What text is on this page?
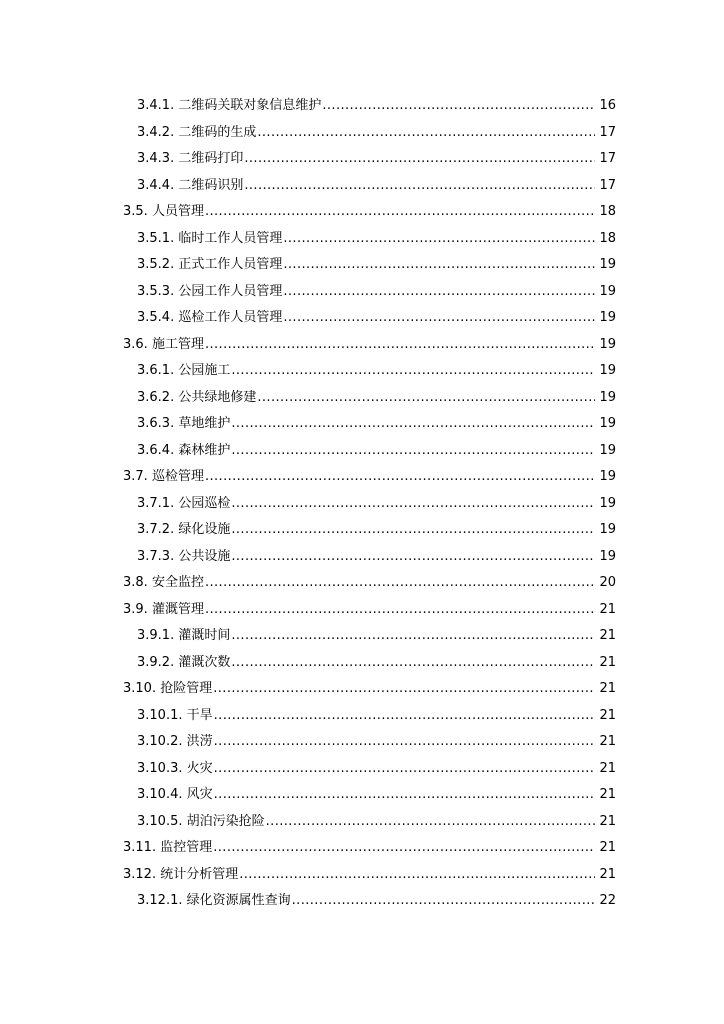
3.4.1. 二维码关联对象信息维护 .....	16
3.4.2. 二维码的生成 .....	17
3.4.3. 二维码打印 .....	17
3.4.4. 二维码识别 .....	17
3.5. 人员管理 .....	18
3.5.1. 临时工作人员管理 .....	18
3.5.2. 正式工作人员管理 .....	19
3.5.3. 公园工作人员管理 .....	19
3.5.4. 巡检工作人员管理 .....	19
3.6. 施工管理 .....	19
3.6.1. 公园施工 .....	19
3.6.2. 公共绿地修建 .....	19
3.6.3. 草地维护 .....	19
3.6.4. 森林维护 .....	19
3.7. 巡检管理 .....	19
3.7.1. 公园巡检 .....	19
3.7.2. 绿化设施 .....	19
3.7.3. 公共设施 .....	19
3.8. 安全监控 .....	20
3.9. 灌溉管理 .....	21
3.9.1. 灌溉时间 .....	21
3.9.2. 灌溉次数 .....	21
3.10. 抢险管理 .....	21
3.10.1. 干旱 .....	21
3.10.2. 洪涝 .....	21
3.10.3. 火灾 .....	21
3.10.4. 风灾 .....	21
3.10.5. 胡泊污染抢险 .....	21
3.11. 监控管理 .....	21
3.12. 统计分析管理 .....	21
3.12.1. 绿化资源属性查询 .....	22
